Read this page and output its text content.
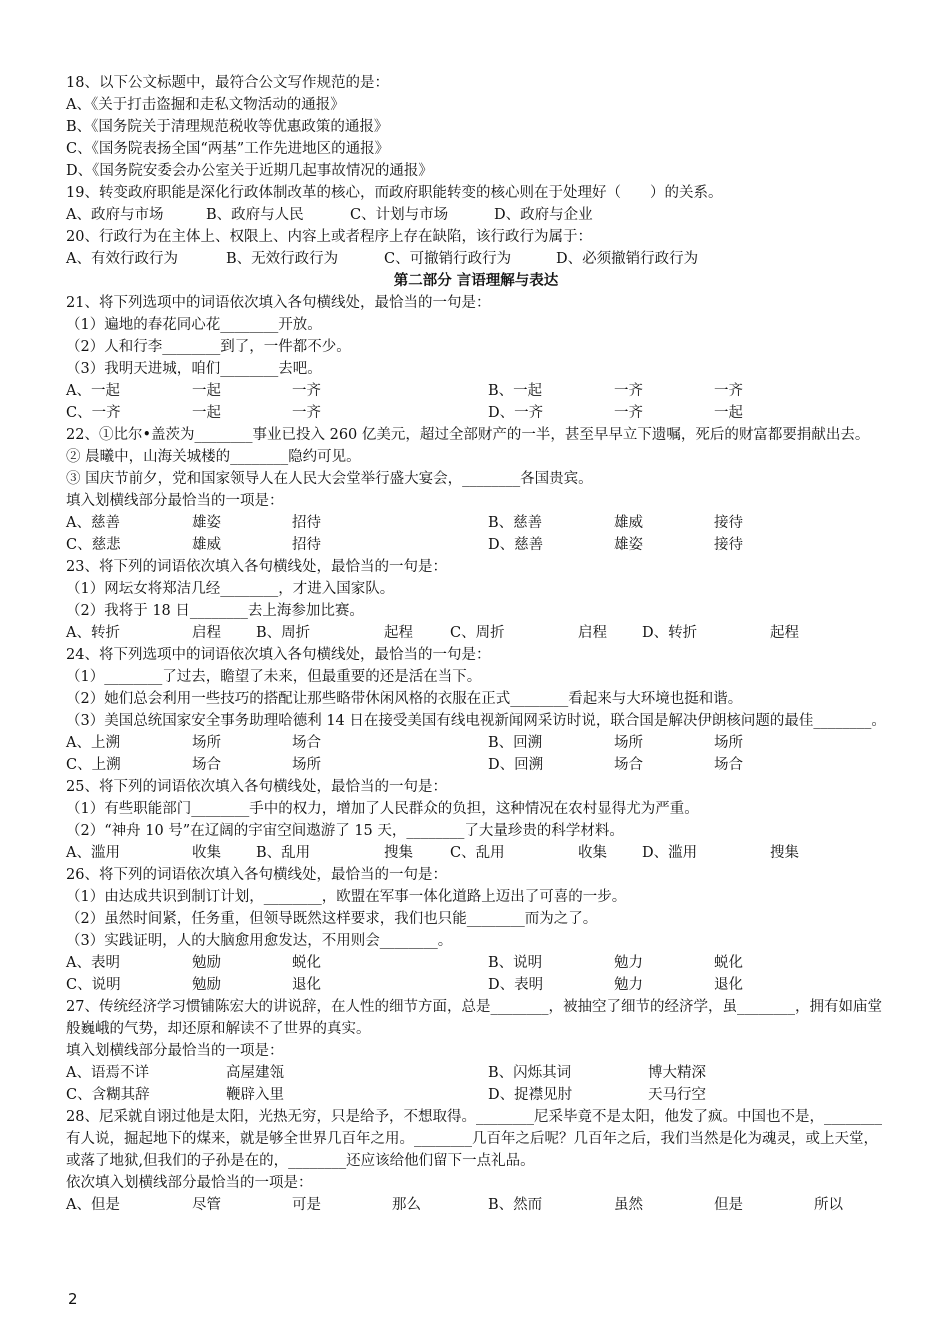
18、以下公文标题中，最符合公文写作规范的是：
A、《关于打击盗掘和走私文物活动的通报》
B、《国务院关于清理规范税收等优惠政策的通报》
C、《国务院表扬全国“两基”工作先进地区的通报》
D、《国务院安委会办公室关于近期几起事故情况的通报》
19、转变政府职能是深化行政体制改革的核心，而政府职能转变的核心则在于处理好（　　）的关系。
A、政府与市场	B、政府与人民	C、计划与市场	D、政府与企业
20、行政行为在主体上、权限上、内容上或者程序上存在缺陷，该行政行为属于：
A、有效行政行为	B、无效行政行为	C、可撤销行政行为	D、必须撤销行政行为
第二部分 言语理解与表达
21、将下列选项中的词语依次填入各句横线处，最恰当的一句是：
（1）遍地的春花同心花________开放。
（2）人和行李________到了，一件都不少。
（3）我明天进城，咱们________去吧。
A、一起	一起	一齐	B、一起	一齐	一齐
C、一齐	一起	一齐	D、一齐	一齐	一起
22、①比尔•盖茨为________事业已投入 260 亿美元，超过全部财产的一半，甚至早早立下遗嘱，死后的财富都要捐献出去。
② 晨曦中，山海关城楼的________隐约可见。
③ 国庆节前夕，党和国家领导人在人民大会堂举行盛大宴会，________各国贵宾。
填入划横线部分最恰当的一项是：
A、慈善	雄姿	招待	B、慈善	雄威	接待
C、慈悲	雄威	招待	D、慈善	雄姿	接待
23、将下列的词语依次填入各句横线处，最恰当的一句是：
（1）网坛女将郑洁几经________，才进入国家队。
（2）我将于 18 日________去上海参加比赛。
A、转折	启程 B、周折	起程	C、周折	启程 D、转折	起程
24、将下列选项中的词语依次填入各句横线处，最恰当的一句是：
（1）________了过去，瞻望了未来，但最重要的还是活在当下。
（2）她们总会利用一些技巧的搭配让那些略带休闲风格的衣服在正式________看起来与大环境也挺和谐。
（3）美国总统国家安全事务助理哈德利 14 日在接受美国有线电视新闻网采访时说，联合国是解决伊朗核问题的最佳________。
A、上溯	场所	场合	B、回溯	场所	场所
C、上溯	场合	场所	D、回溯	场合	场合
25、将下列的词语依次填入各句横线处，最恰当的一句是：
（1）有些职能部门________手中的权力，增加了人民群众的负担，这种情况在农村显得尤为严重。
（2）“神舟 10 号”在辽阔的宇宙空间遨游了 15 天，________了大量珍贵的科学材料。
A、滥用	收集 B、乱用	搜集	C、乱用	收集 D、滥用	搜集
26、将下列的词语依次填入各句横线处，最恰当的一句是：
（1）由达成共识到制订计划，________，欧盟在军事一体化道路上迈出了可喜的一步。
（2）虽然时间紧，任务重，但领导既然这样要求，我们也只能________而为之了。
（3）实践证明，人的大脑愈用愈发达，不用则会________。
A、表明	勉励	蜕化	B、说明	勉力	蜕化
C、说明	勉励	退化	D、表明	勉力	退化
27、传统经济学习惯铺陈宏大的讲说辞，在人性的细节方面，总是________，被抽空了细节的经济学，虽________，拥有如庙堂般巍峨的气势，却还原和解读不了世界的真实。
填入划横线部分最恰当的一项是：
A、语焉不详	高屋建瓴	B、闪烁其词	博大精深
C、含糊其辞	鞭辟入里	D、捉襟见肘	天马行空
28、尼采就自诩过他是太阳，光热无穷，只是给予，不想取得。________尼采毕竟不是太阳，他发了疯。中国也不是，________有人说，掘起地下的煤来，就是够全世界几百年之用。________几百年之后呢？几百年之后，我们当然是化为魂灵，或上天堂，或落了地狱,但我们的子孙是在的，________还应该给他们留下一点礼品。
依次填入划横线部分最恰当的一项是：
A、但是	尽管	可是	那么	B、然而	虽然	但是	所以
2
